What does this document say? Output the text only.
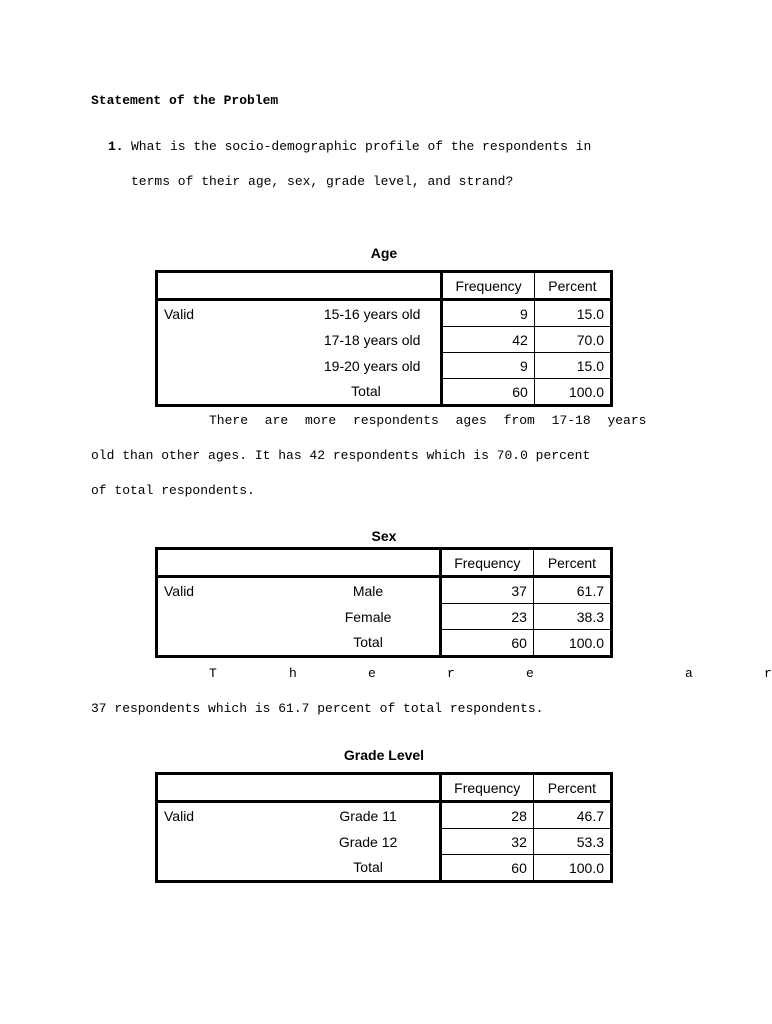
Statement of the Problem
1. What is the socio-demographic profile of the respondents in
terms of their age, sex, grade level, and strand?
Age
		Frequency	Percent
Valid	15-16 years old	9	15.0
	17-18 years old	42	70.0
	19-20 years old	9	15.0
	Total	60	100.0
There are more respondents ages from 17-18 years
old than other ages. It has 42 respondents which is 70.0 percent
of total respondents.
Sex
		Frequency	Percent
Valid	Male	37	61.7
	Female	23	38.3
	Total	60	100.0
T	h	e	r	e	a	r
37 respondents which is 61.7 percent of total respondents.
Grade Level
		Frequency	Percent
Valid	Grade 11	28	46.7
	Grade 12	32	53.3
	Total	60	100.0
